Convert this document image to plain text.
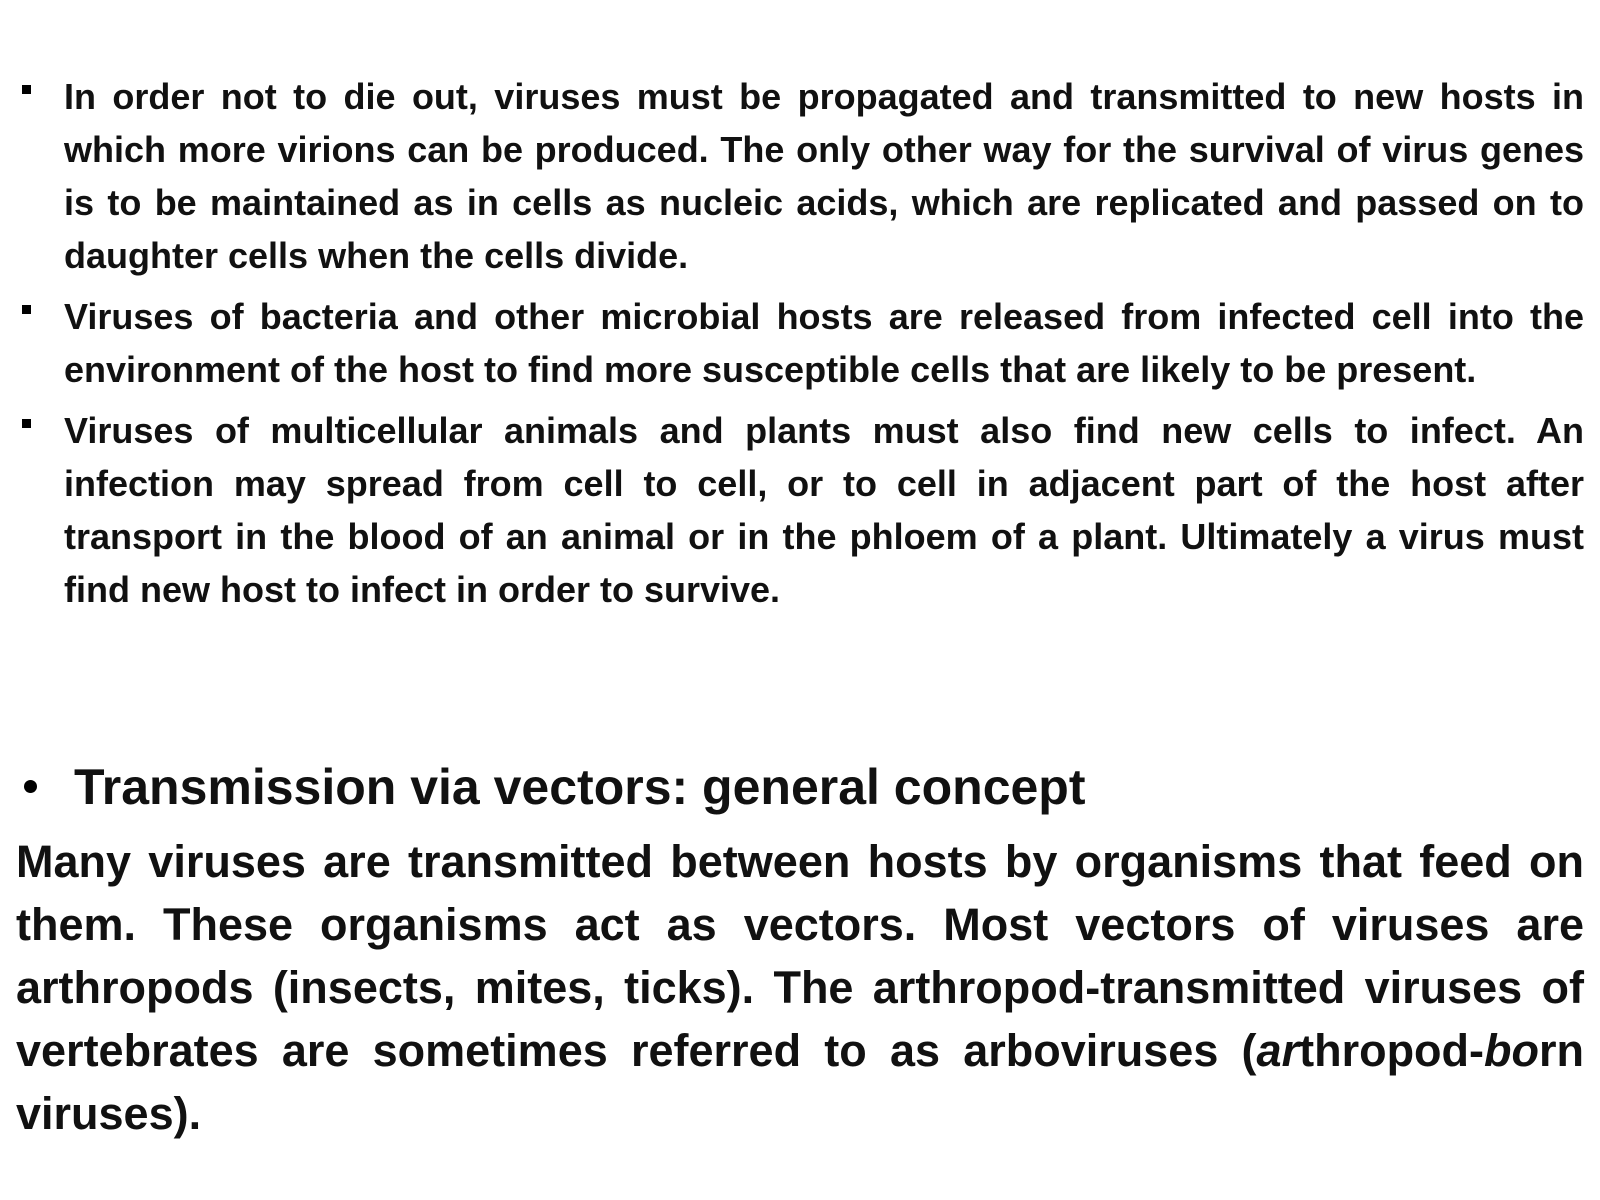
In order not to die out, viruses must be propagated and transmitted to new hosts in which more virions can be produced. The only other way for the survival of virus genes is to be maintained as in cells as nucleic acids, which are replicated and passed on to daughter cells when the cells divide.
Viruses of bacteria and other microbial hosts are released from infected cell into the environment of the host to find more susceptible cells that are likely to be present.
Viruses of multicellular animals and plants must also find new cells to infect. An infection may spread from cell to cell, or to cell in adjacent part of the host after transport in the blood of an animal or in the phloem of a plant. Ultimately a virus must find new host to infect in order to survive.
Transmission via vectors: general concept

Many viruses are transmitted between hosts by organisms that feed on them. These organisms act as vectors. Most vectors of viruses are arthropods (insects, mites, ticks). The arthropod-transmitted viruses of vertebrates are sometimes referred to as arboviruses (arthropod-born viruses).
